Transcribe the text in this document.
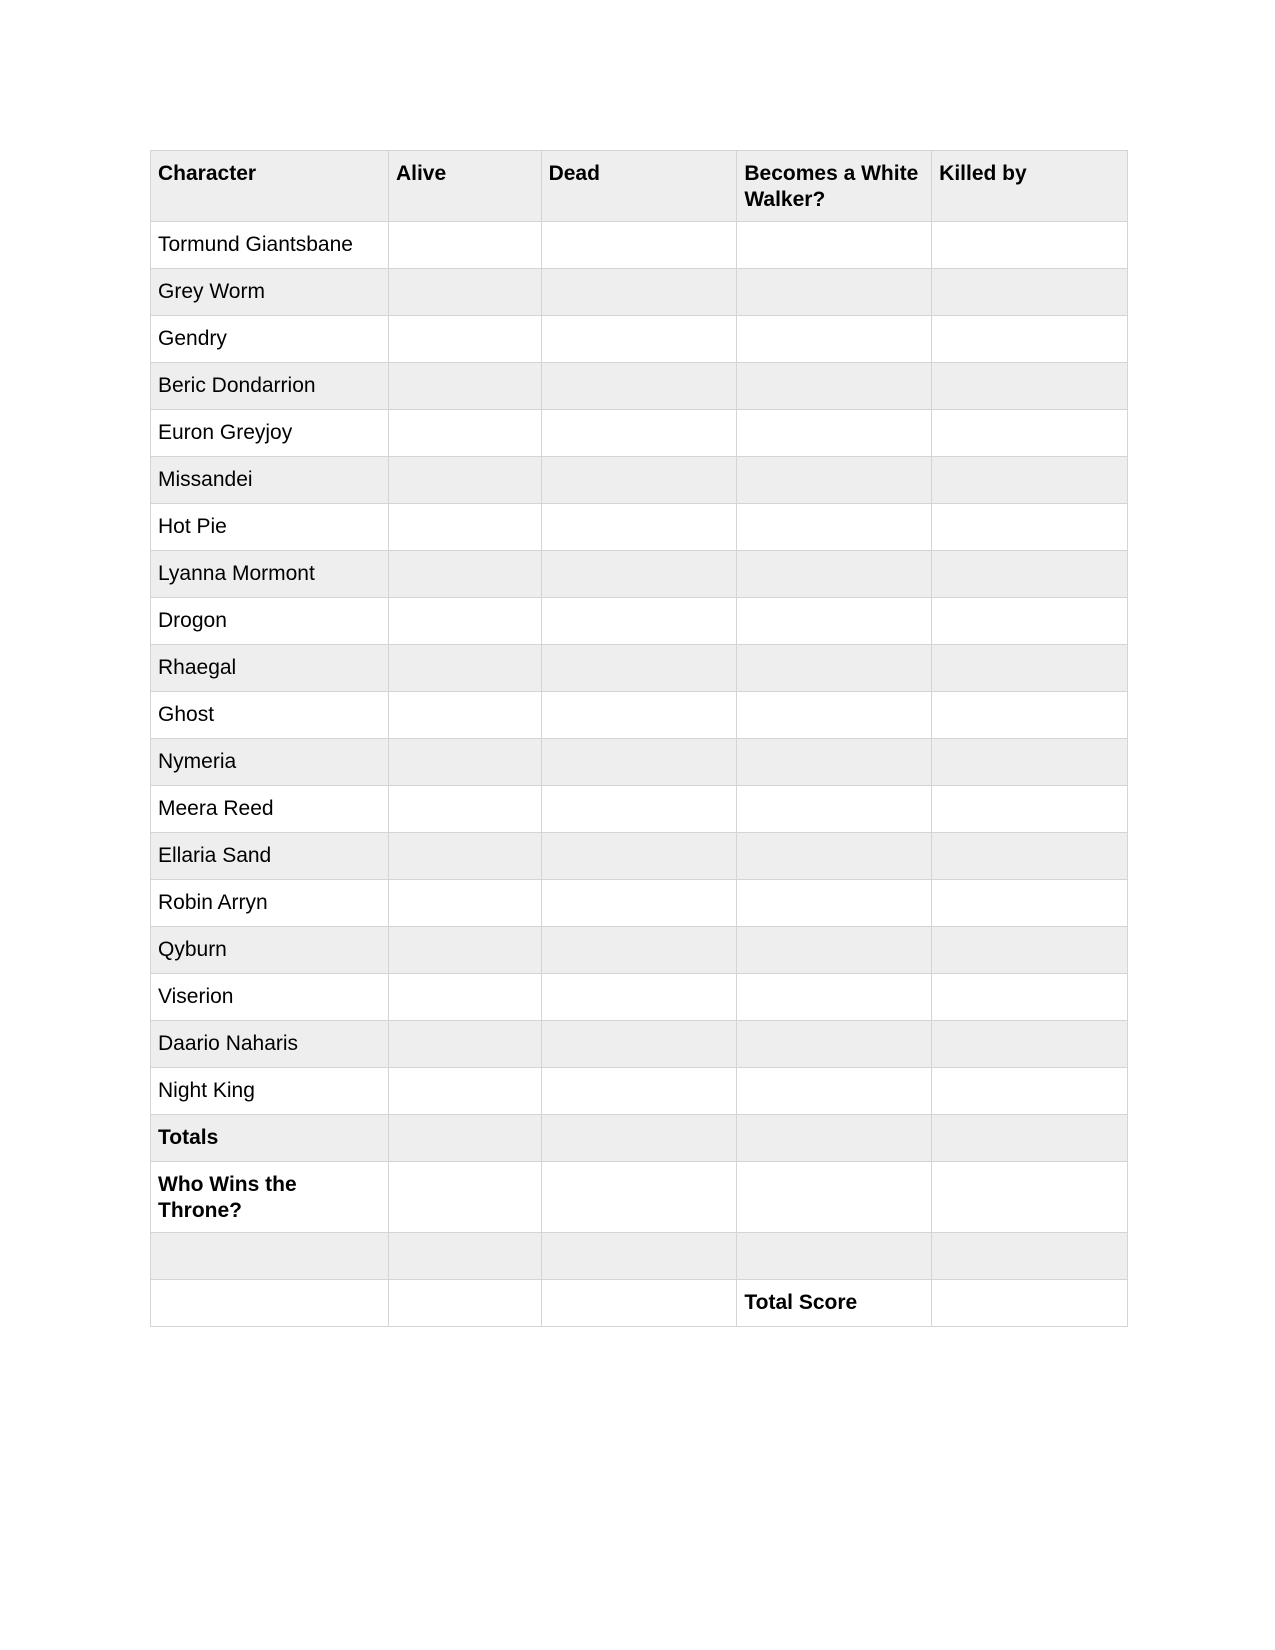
Character	Alive	Dead	Becomes a White Walker?	Killed by
Tormund Giantsbane				
Grey Worm				
Gendry				
Beric Dondarrion				
Euron Greyjoy				
Missandei				
Hot Pie				
Lyanna Mormont				
Drogon				
Rhaegal				
Ghost				
Nymeria				
Meera Reed				
Ellaria Sand				
Robin Arryn				
Qyburn				
Viserion				
Daario Naharis				
Night King				
Totals				
Who Wins the Throne?				

			Total Score	
